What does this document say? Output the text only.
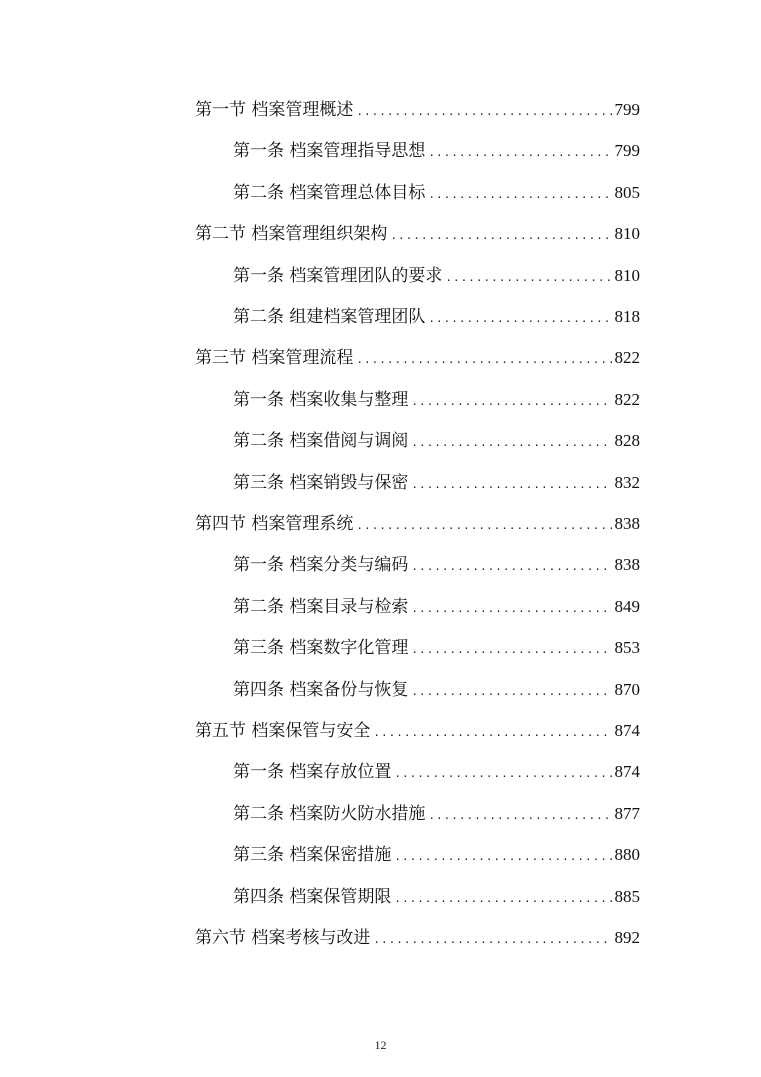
第一节 档案管理概述 .....	799
第一条 档案管理指导思想 .....	799
第二条 档案管理总体目标 .....	805
第二节 档案管理组织架构 .....	810
第一条 档案管理团队的要求 .....	810
第二条 组建档案管理团队 .....	818
第三节 档案管理流程 .....	822
第一条 档案收集与整理 .....	822
第二条 档案借阅与调阅 .....	828
第三条 档案销毁与保密 .....	832
第四节 档案管理系统 .....	838
第一条 档案分类与编码 .....	838
第二条 档案目录与检索 .....	849
第三条 档案数字化管理 .....	853
第四条 档案备份与恢复 .....	870
第五节 档案保管与安全 .....	874
第一条 档案存放位置 .....	874
第二条 档案防火防水措施 .....	877
第三条 档案保密措施 .....	880
第四条 档案保管期限 .....	885
第六节 档案考核与改进 .....	892
12
